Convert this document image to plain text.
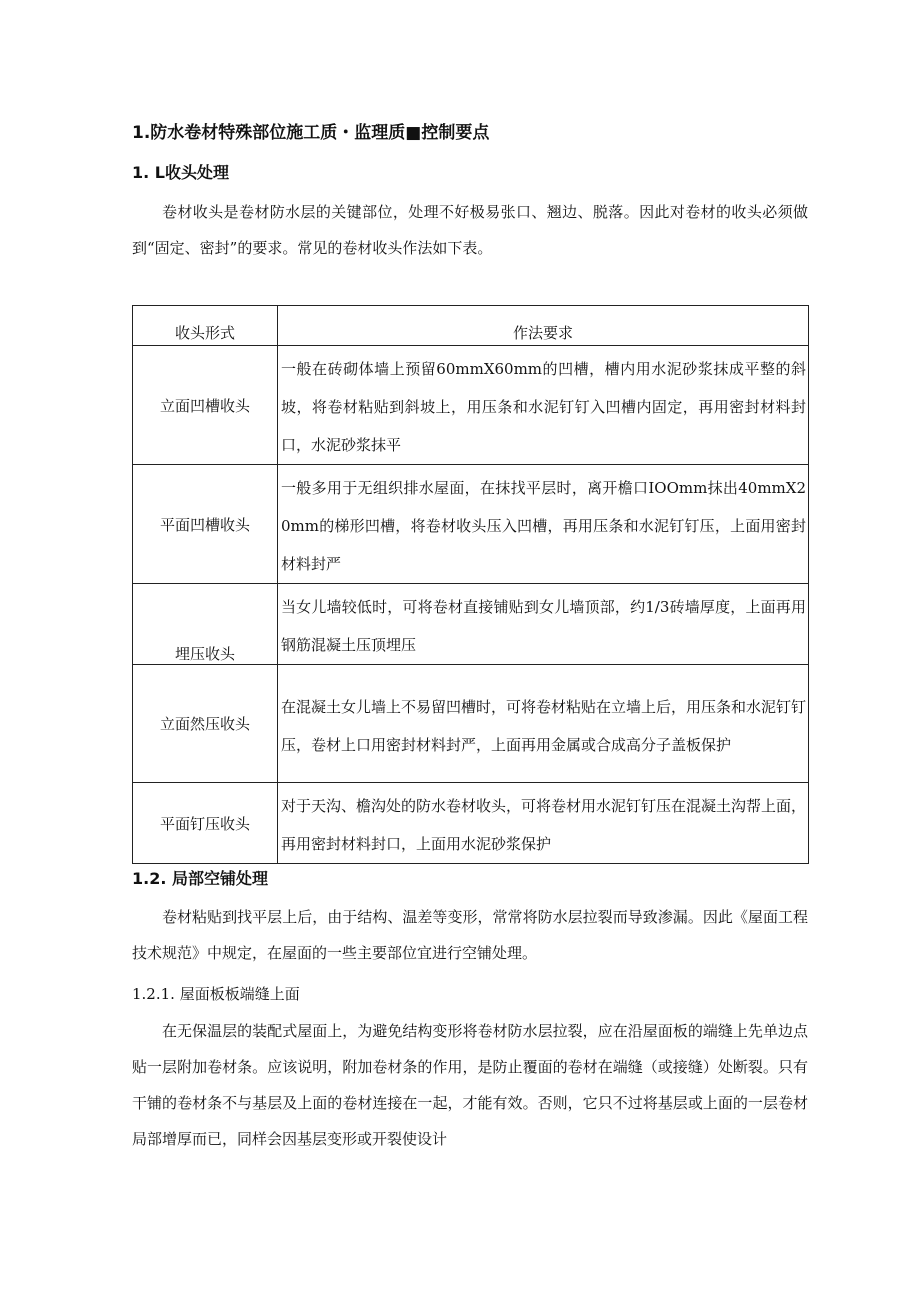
1.防水卷材特殊部位施工质・监理质■控制要点
1. L收头处理

卷材收头是卷材防水层的关键部位，处理不好极易张口、翘边、脱落。因此对卷材的收头必须做到“固定、密封”的要求。常见的卷材收头作法如下表。

收头形式	作法要求

立面凹槽收头	一般在砖砌体墙上预留60mmX60mm的凹槽，槽内用水泥砂浆抹成平整的斜坡，将卷材粘贴到斜坡上，用压条和水泥钉钉入凹槽内固定，再用密封材料封口，水泥砂浆抹平
平面凹槽收头	一般多用于无组织排水屋面，在抹找平层时，离开檐口IOOmm抹出40mmX20mm的梯形凹槽，将卷材收头压入凹槽，再用压条和水泥钉钉压，上面用密封材料封严

埋压收头	当女儿墙较低时，可将卷材直接铺贴到女儿墙顶部，约1/3砖墙厚度，上面再用钢筋混凝土压顶埋压
立面然压收头	在混凝土女儿墙上不易留凹槽时，可将卷材粘贴在立墙上后，用压条和水泥钉钉压，卷材上口用密封材料封严，上面再用金属或合成高分子盖板保护
平面钉压收头	对于天沟、檐沟处的防水卷材收头，可将卷材用水泥钉钉压在混凝土沟帮上面，再用密封材料封口，上面用水泥砂浆保护
1.2. 局部空铺处理

卷材粘贴到找平层上后，由于结构、温差等变形，常常将防水层拉裂而导致渗漏。因此《屋面工程技术规范》中规定，在屋面的一些主要部位宜进行空铺处理。

1.2.1. 屋面板板端缝上面

在无保温层的装配式屋面上，为避免结构变形将卷材防水层拉裂，应在沿屋面板的端缝上先单边点贴一层附加卷材条。应该说明，附加卷材条的作用，是防止覆面的卷材在端缝（或接缝）处断裂。只有干铺的卷材条不与基层及上面的卷材连接在一起，才能有效。否则，它只不过将基层或上面的一层卷材局部增厚而已，同样会因基层变形或开裂使设计
